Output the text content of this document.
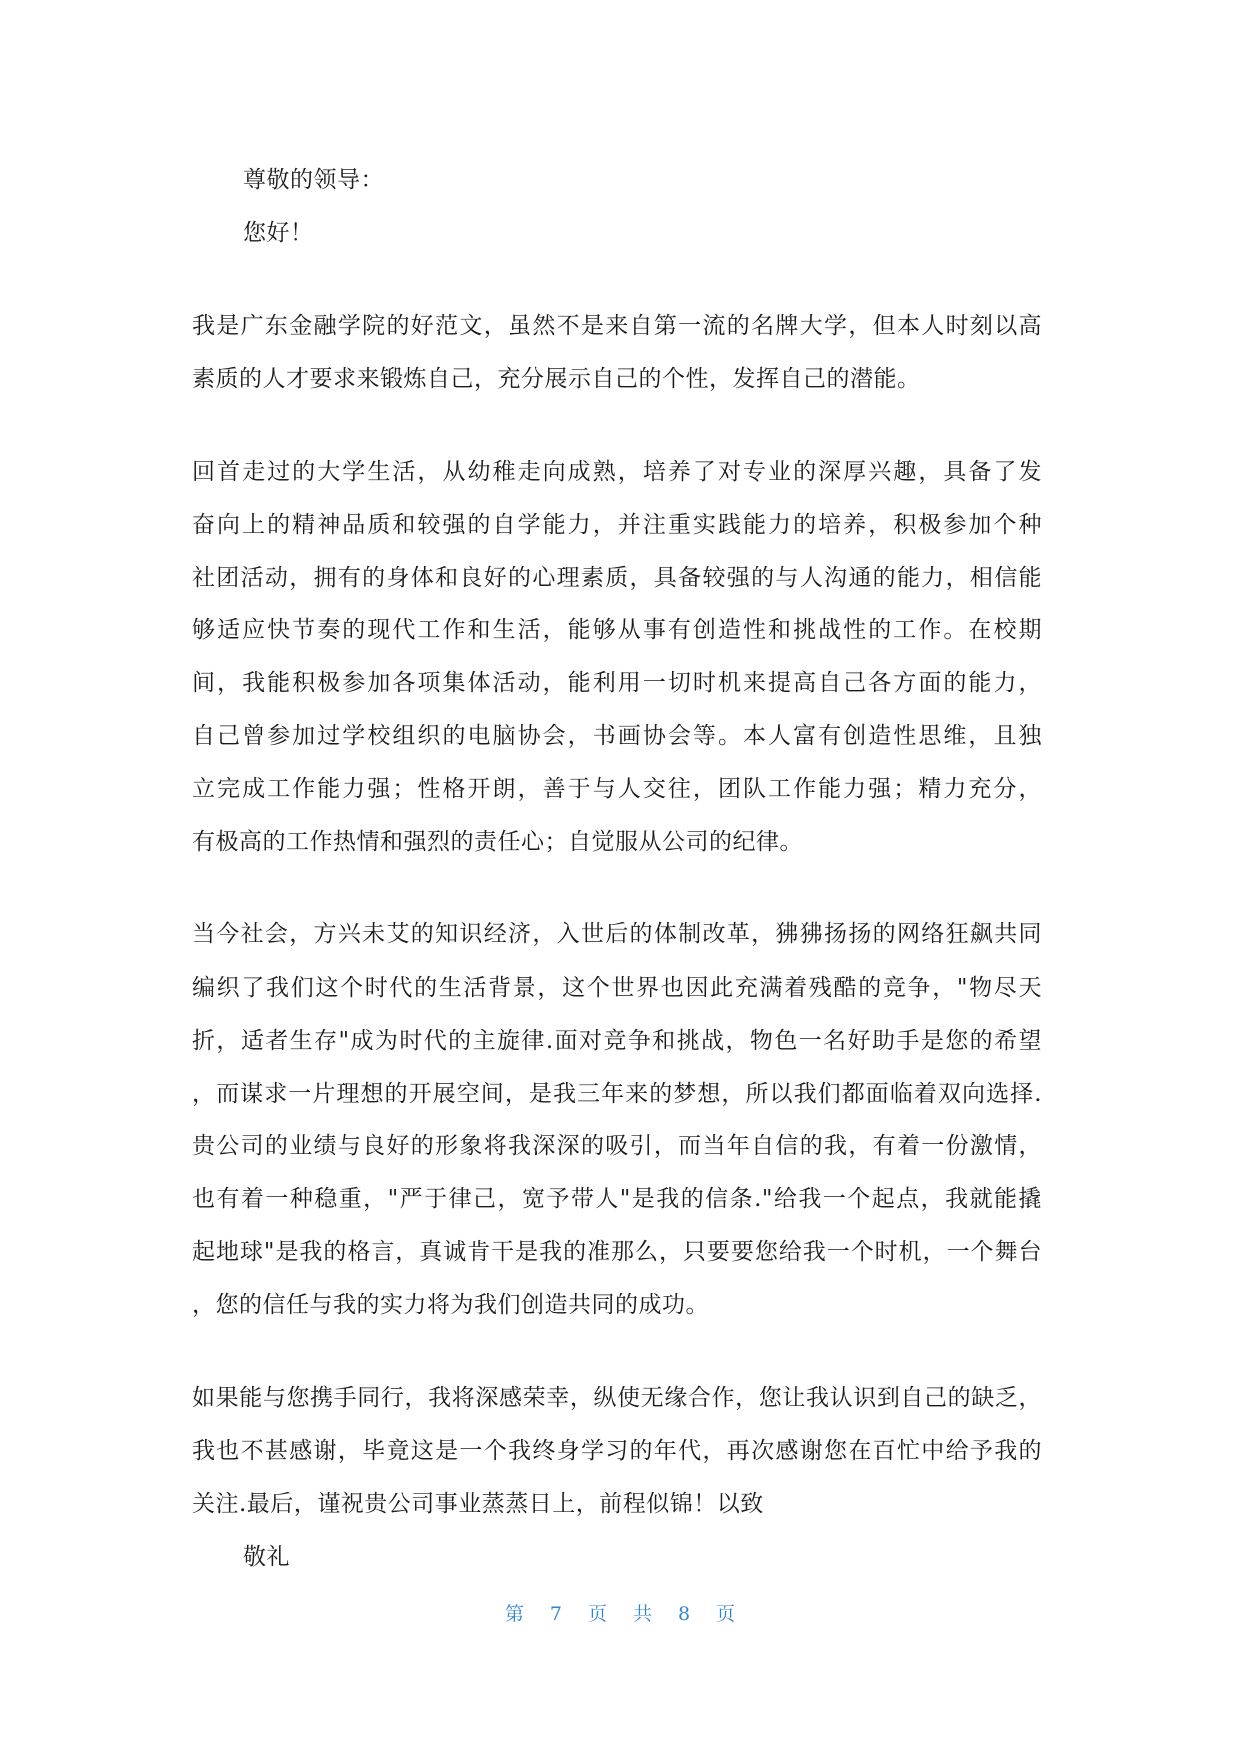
尊敬的领导：
您好！
我是广东金融学院的好范文，虽然不是来自第一流的名牌大学，但本人时刻以高
素质的人才要求来锻炼自己，充分展示自己的个性，发挥自己的潜能。
回首走过的大学生活，从幼稚走向成熟，培养了对专业的深厚兴趣，具备了发
奋向上的精神品质和较强的自学能力，并注重实践能力的培养，积极参加个种
社团活动，拥有的身体和良好的心理素质，具备较强的与人沟通的能力，相信能
够适应快节奏的现代工作和生活，能够从事有创造性和挑战性的工作。在校期
间，我能积极参加各项集体活动，能利用一切时机来提高自己各方面的能力，
自己曾参加过学校组织的电脑协会，书画协会等。本人富有创造性思维，且独
立完成工作能力强；性格开朗，善于与人交往，团队工作能力强；精力充分，
有极高的工作热情和强烈的责任心；自觉服从公司的纪律。
当今社会，方兴未艾的知识经济，入世后的体制改革，狒狒扬扬的网络狂飙共同
编织了我们这个时代的生活背景，这个世界也因此充满着残酷的竞争，"物尽天
折，适者生存"成为时代的主旋律.面对竞争和挑战，物色一名好助手是您的希望
，而谋求一片理想的开展空间，是我三年来的梦想，所以我们都面临着双向选择.
贵公司的业绩与良好的形象将我深深的吸引，而当年自信的我，有着一份激情，
也有着一种稳重，"严于律己，宽予带人"是我的信条."给我一个起点，我就能撬
起地球"是我的格言，真诚肯干是我的准那么，只要要您给我一个时机，一个舞台
，您的信任与我的实力将为我们创造共同的成功。
如果能与您携手同行，我将深感荣幸，纵使无缘合作，您让我认识到自己的缺乏，
我也不甚感谢，毕竟这是一个我终身学习的年代，再次感谢您在百忙中给予我的
关注.最后，谨祝贵公司事业蒸蒸日上，前程似锦！以致
敬礼
第 7 页 共 8 页
